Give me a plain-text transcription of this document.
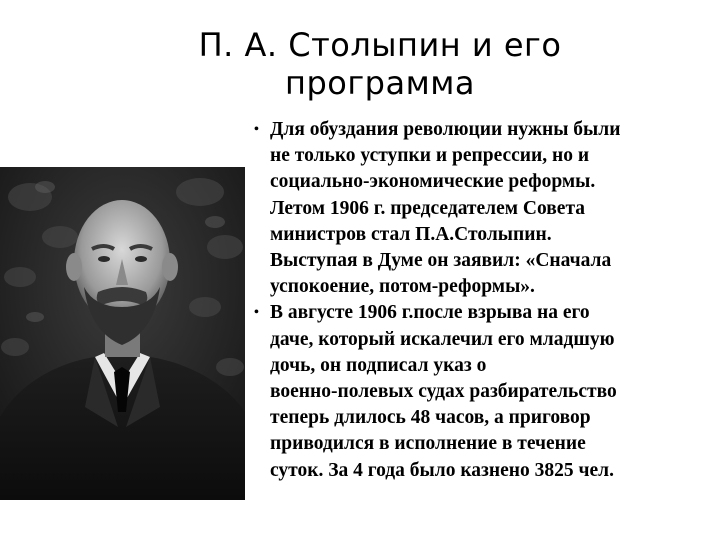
П. А. Столыпин и его
программа
• Для обуздания революции нужны были
не только уступки и репрессии, но и
социально-экономические реформы.
Летом 1906 г. председателем Совета
министров стал П.А.Столыпин.
Выступая в Думе он заявил: «Сначала
успокоение, потом-реформы».
• В августе 1906 г.после взрыва на его
даче, который искалечил его младшую
дочь, он подписал указ о
военно-полевых судах разбирательство
теперь длилось 48 часов, а приговор
приводился в исполнение в течение
суток. За 4 года было казнено 3825 чел.
